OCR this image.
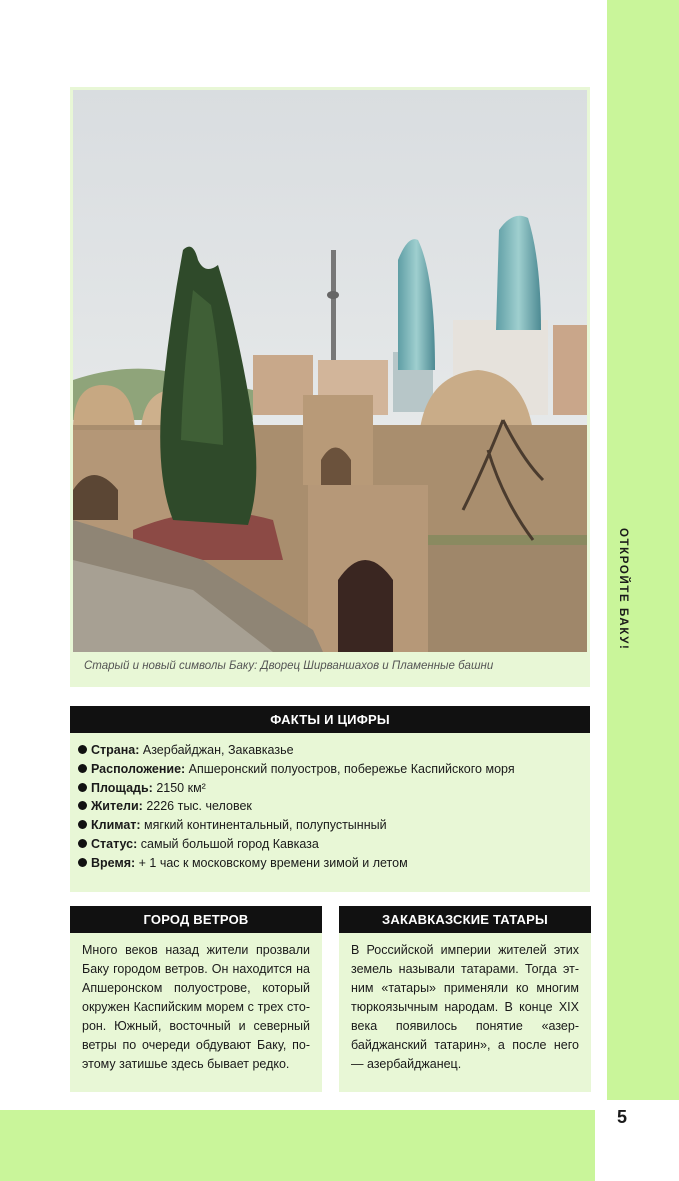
5
ОТКРОЙТЕ БАКУ!
Старый и новый символы Баку: Дворец Ширваншахов и Пламенные башни
ФАКТЫ И ЦИФРЫ
Страна: Азербайджан, Закавказье
Расположение: Апшеронский полуостров, побережье Каспийского моря
Площадь: 2150 км²
Жители: 2226 тыс. человек
Климат: мягкий континентальный, полупустынный
Статус: самый большой город Кавказа
Время: + 1 час к московскому времени зимой и летом
ГОРОД ВЕТРОВ

Много веков назад жители прозвали Баку городом ветров. Он находится на Апшеронском полуострове, который окружен Каспийским морем с трех сторон. Южный, восточный и северный ветры по очереди обдувают Баку, поэтому затишье здесь бывает редко.

ЗАКАВКАЗСКИЕ ТАТАРЫ

В Российской империи жителей этих земель называли татарами. Тогда этним «татары» применяли ко многим тюркоязычным народам. В конце XIX века появилось понятие «азербайджанский татарин», а после него — азербайджанец.
